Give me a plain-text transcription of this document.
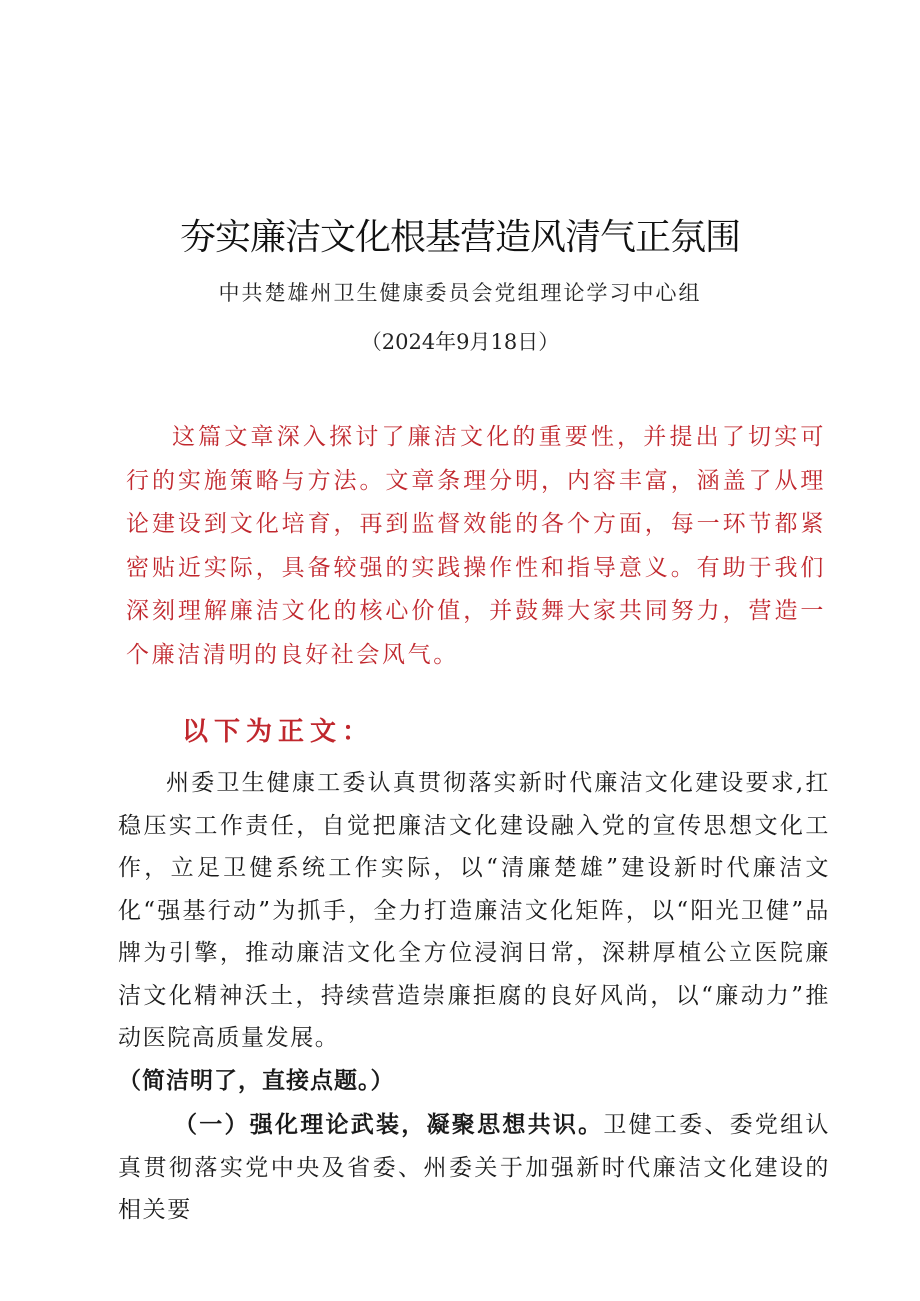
夯实廉洁文化根基营造风清气正氛围
中共楚雄州卫生健康委员会党组理论学习中心组
（2024年9月18日）

这篇文章深入探讨了廉洁文化的重要性，并提出了切实可行的实施策略与方法。文章条理分明，内容丰富，涵盖了从理论建设到文化培育，再到监督效能的各个方面，每一环节都紧密贴近实际，具备较强的实践操作性和指导意义。有助于我们深刻理解廉洁文化的核心价值，并鼓舞大家共同努力，营造一个廉洁清明的良好社会风气。

以下为正文：

州委卫生健康工委认真贯彻落实新时代廉洁文化建设要求,扛稳压实工作责任，自觉把廉洁文化建设融入党的宣传思想文化工作，立足卫健系统工作实际，以“清廉楚雄”建设新时代廉洁文化“强基行动”为抓手，全力打造廉洁文化矩阵，以“阳光卫健”品牌为引擎，推动廉洁文化全方位浸润日常，深耕厚植公立医院廉洁文化精神沃土，持续营造崇廉拒腐的良好风尚，以“廉动力”推动医院高质量发展。

（简洁明了，直接点题。）

（一）强化理论武装，凝聚思想共识。卫健工委、委党组认真贯彻落实党中央及省委、州委关于加强新时代廉洁文化建设的相关要
